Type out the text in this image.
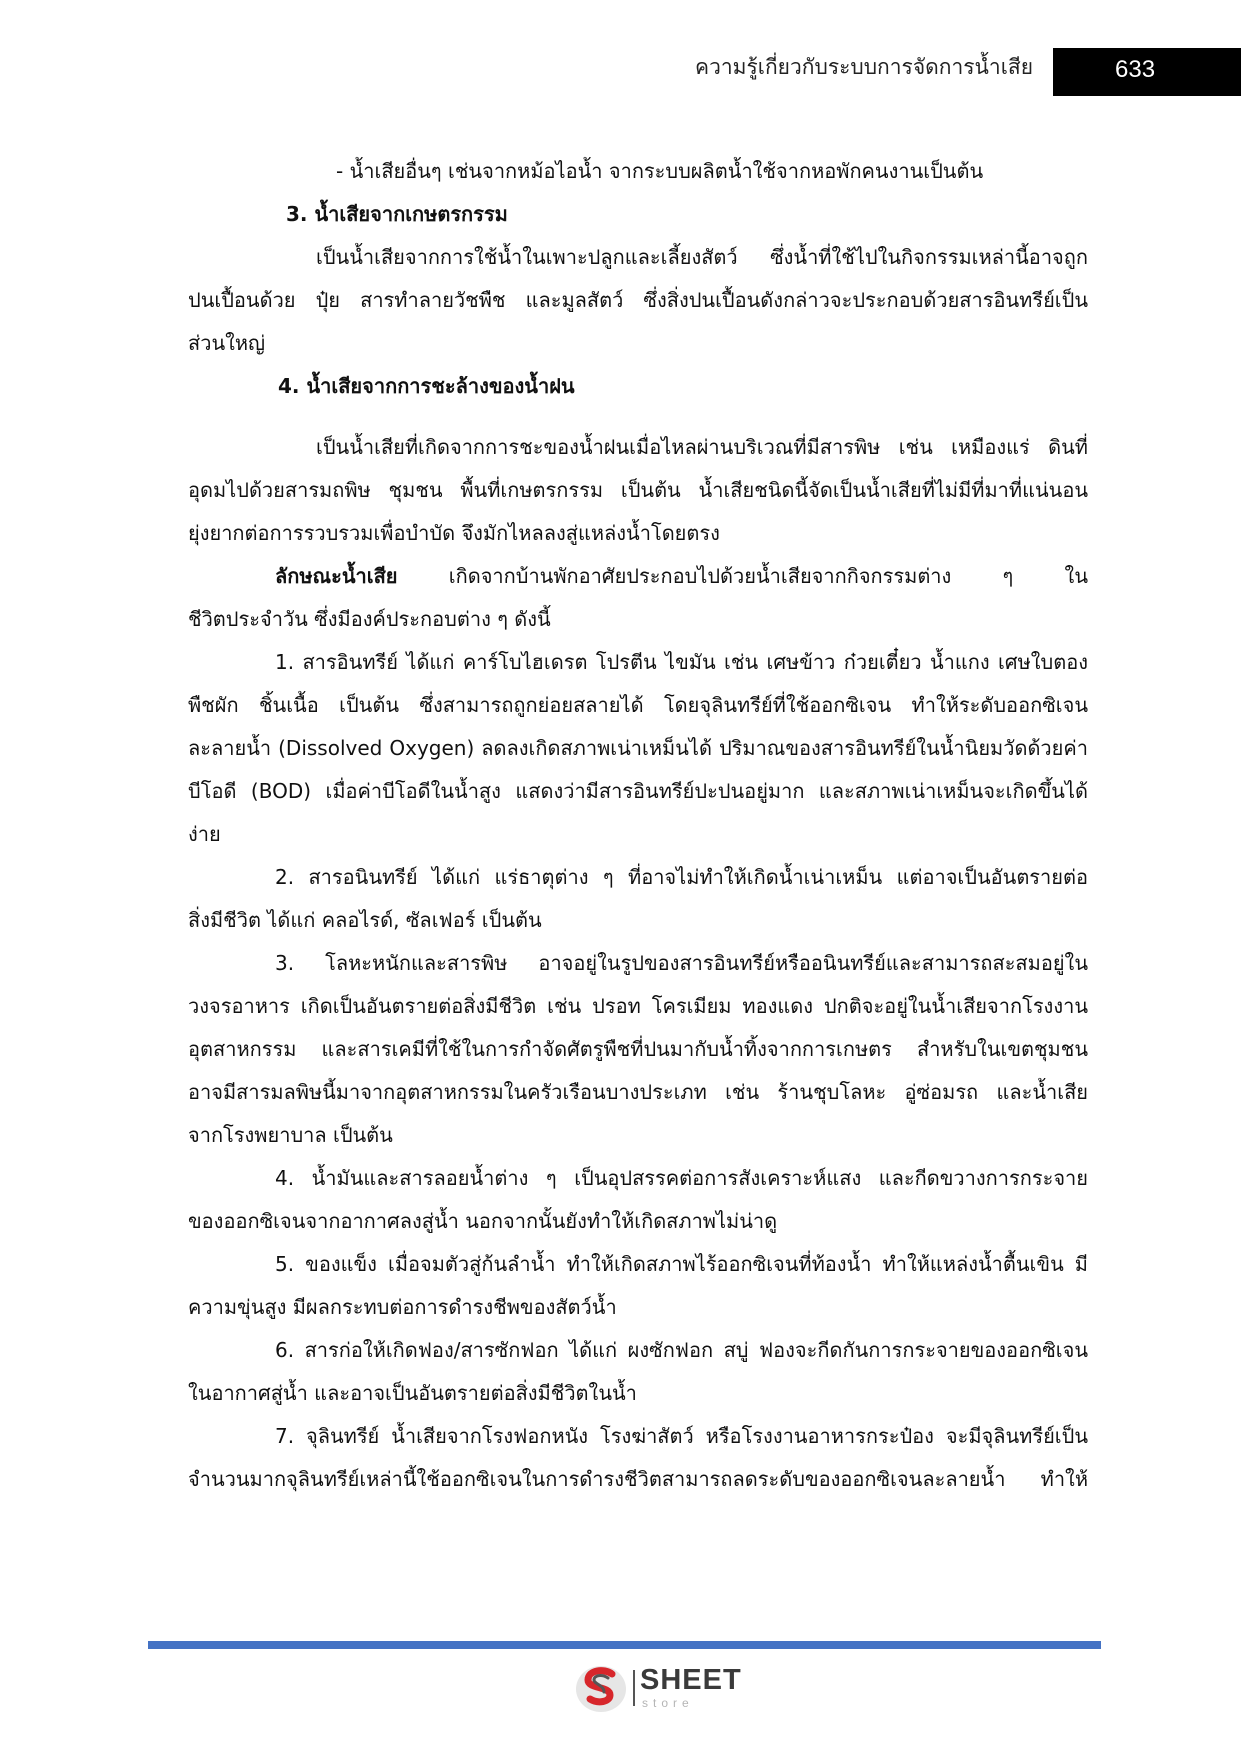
ความรู้เกี่ยวกับระบบการจัดการน้ำเสีย	633
- น้ำเสียอื่นๆ เช่นจากหม้อไอน้ำ จากระบบผลิตน้ำใช้จากหอพักคนงานเป็นต้น
3. น้ำเสียจากเกษตรกรรม
เป็นน้ำเสียจากการใช้น้ำในเพาะปลูกและเลี้ยงสัตว์ ซึ่งน้ำที่ใช้ไปในกิจกรรมเหล่านี้อาจถูก
ปนเปื้อนด้วย ปุ๋ย สารทำลายวัชพืช และมูลสัตว์ ซึ่งสิ่งปนเปื้อนดังกล่าวจะประกอบด้วยสารอินทรีย์เป็น
ส่วนใหญ่
4. น้ำเสียจากการชะล้างของน้ำฝน
เป็นน้ำเสียที่เกิดจากการชะของน้ำฝนเมื่อไหลผ่านบริเวณที่มีสารพิษ เช่น เหมืองแร่ ดินที่
อุดมไปด้วยสารมถพิษ ชุมชน พื้นที่เกษตรกรรม เป็นต้น น้ำเสียชนิดนี้จัดเป็นน้ำเสียที่ไม่มีที่มาที่แน่นอน
ยุ่งยากต่อการรวบรวมเพื่อบำบัด จึงมักไหลลงสู่แหล่งน้ำโดยตรง
ลักษณะน้ำเสีย เกิดจากบ้านพักอาศัยประกอบไปด้วยน้ำเสียจากกิจกรรมต่าง ๆ ใน
ชีวิตประจำวัน ซึ่งมีองค์ประกอบต่าง ๆ ดังนี้
1. สารอินทรีย์ ได้แก่ คาร์โบไฮเดรต โปรตีน ไขมัน เช่น เศษข้าว ก๋วยเตี๋ยว น้ำแกง เศษใบตอง
พืชผัก ชิ้นเนื้อ เป็นต้น ซึ่งสามารถถูกย่อยสลายได้ โดยจุลินทรีย์ที่ใช้ออกซิเจน ทำให้ระดับออกซิเจน
ละลายน้ำ (Dissolved Oxygen) ลดลงเกิดสภาพเน่าเหม็นได้ ปริมาณของสารอินทรีย์ในน้ำนิยมวัดด้วยค่า
บีโอดี (BOD) เมื่อค่าบีโอดีในน้ำสูง แสดงว่ามีสารอินทรีย์ปะปนอยู่มาก และสภาพเน่าเหม็นจะเกิดขึ้นได้
ง่าย
2. สารอนินทรีย์ ได้แก่ แร่ธาตุต่าง ๆ ที่อาจไม่ทำให้เกิดน้ำเน่าเหม็น แต่อาจเป็นอันตรายต่อ
สิ่งมีชีวิต ได้แก่ คลอไรด์, ซัลเฟอร์ เป็นต้น
3. โลหะหนักและสารพิษ อาจอยู่ในรูปของสารอินทรีย์หรืออนินทรีย์และสามารถสะสมอยู่ใน
วงจรอาหาร เกิดเป็นอันตรายต่อสิ่งมีชีวิต เช่น ปรอท โครเมียม ทองแดง ปกติจะอยู่ในน้ำเสียจากโรงงาน
อุตสาหกรรม และสารเคมีที่ใช้ในการกำจัดศัตรูพืชที่ปนมากับน้ำทิ้งจากการเกษตร สำหรับในเขตชุมชน
อาจมีสารมลพิษนี้มาจากอุตสาหกรรมในครัวเรือนบางประเภท เช่น ร้านชุบโลหะ อู่ซ่อมรถ และน้ำเสีย
จากโรงพยาบาล เป็นต้น
4. น้ำมันและสารลอยน้ำต่าง ๆ เป็นอุปสรรคต่อการสังเคราะห์แสง และกีดขวางการกระจาย
ของออกซิเจนจากอากาศลงสู่น้ำ นอกจากนั้นยังทำให้เกิดสภาพไม่น่าดู
5. ของแข็ง เมื่อจมตัวสู่ก้นลำน้ำ ทำให้เกิดสภาพไร้ออกซิเจนที่ท้องน้ำ ทำให้แหล่งน้ำตื้นเขิน มี
ความขุ่นสูง มีผลกระทบต่อการดำรงชีพของสัตว์น้ำ
6. สารก่อให้เกิดฟอง/สารซักฟอก ได้แก่ ผงซักฟอก สบู่ ฟองจะกีดกันการกระจายของออกซิเจน
ในอากาศสู่น้ำ และอาจเป็นอันตรายต่อสิ่งมีชีวิตในน้ำ
7. จุลินทรีย์ น้ำเสียจากโรงฟอกหนัง โรงฆ่าสัตว์ หรือโรงงานอาหารกระป๋อง จะมีจุลินทรีย์เป็น
จำนวนมากจุลินทรีย์เหล่านี้ใช้ออกซิเจนในการดำรงชีวิตสามารถลดระดับของออกซิเจนละลายน้ำ ทำให้
SHEET
store
